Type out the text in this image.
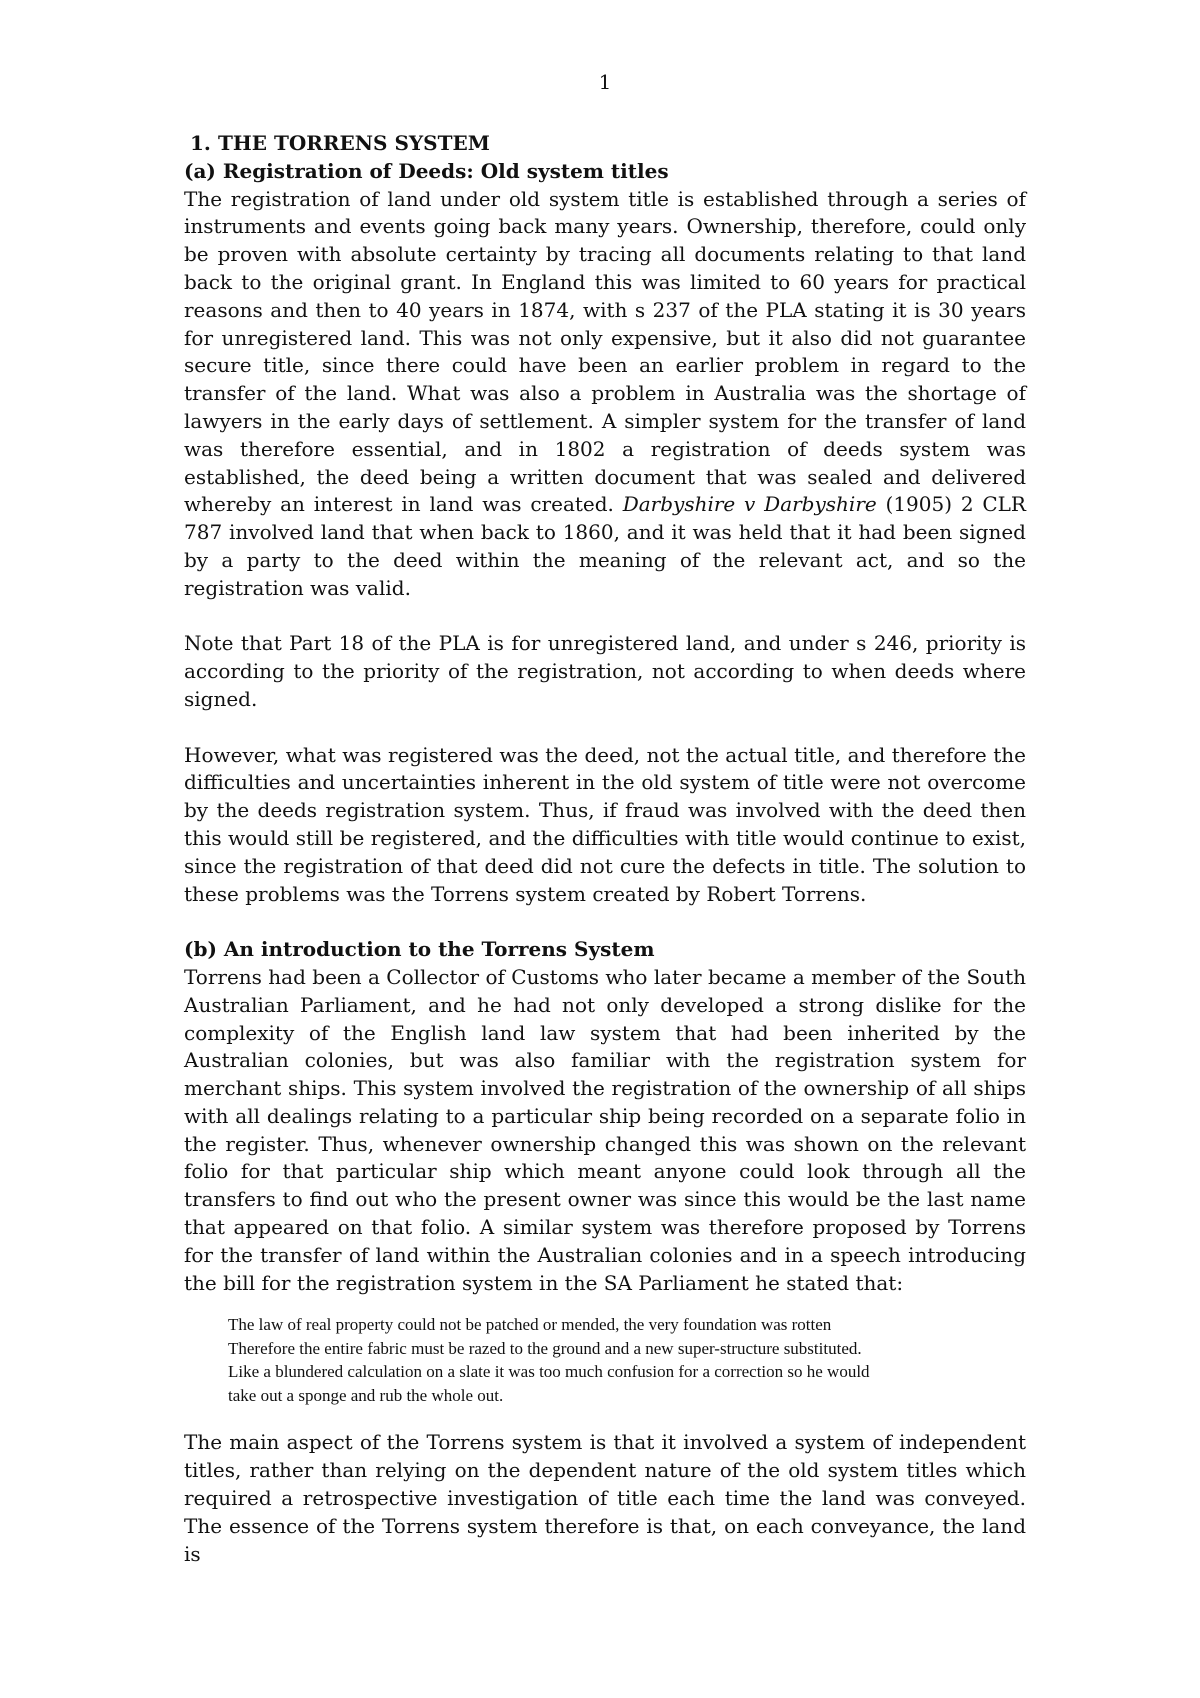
1
1. THE TORRENS SYSTEM
(a) Registration of Deeds: Old system titles

The registration of land under old system title is established through a series of instruments and events going back many years. Ownership, therefore, could only be proven with absolute certainty by tracing all documents relating to that land back to the original grant. In England this was limited to 60 years for practical reasons and then to 40 years in 1874, with s 237 of the PLA stating it is 30 years for unregistered land. This was not only expensive, but it also did not guarantee secure title, since there could have been an earlier problem in regard to the transfer of the land. What was also a problem in Australia was the shortage of lawyers in the early days of settlement. A simpler system for the transfer of land was therefore essential, and in 1802 a registration of deeds system was established, the deed being a written document that was sealed and delivered whereby an interest in land was created. Darbyshire v Darbyshire (1905) 2 CLR 787 involved land that when back to 1860, and it was held that it had been signed by a party to the deed within the meaning of the relevant act, and so the registration was valid.

Note that Part 18 of the PLA is for unregistered land, and under s 246, priority is according to the priority of the registration, not according to when deeds where signed.

However, what was registered was the deed, not the actual title, and therefore the difficulties and uncertainties inherent in the old system of title were not overcome by the deeds registration system. Thus, if fraud was involved with the deed then this would still be registered, and the difficulties with title would continue to exist, since the registration of that deed did not cure the defects in title. The solution to these problems was the Torrens system created by Robert Torrens.

(b) An introduction to the Torrens System

Torrens had been a Collector of Customs who later became a member of the South Australian Parliament, and he had not only developed a strong dislike for the complexity of the English land law system that had been inherited by the Australian colonies, but was also familiar with the registration system for merchant ships. This system involved the registration of the ownership of all ships with all dealings relating to a particular ship being recorded on a separate folio in the register. Thus, whenever ownership changed this was shown on the relevant folio for that particular ship which meant anyone could look through all the transfers to find out who the present owner was since this would be the last name that appeared on that folio. A similar system was therefore proposed by Torrens for the transfer of land within the Australian colonies and in a speech introducing the bill for the registration system in the SA Parliament he stated that:

The law of real property could not be patched or mended, the very foundation was rotten
Therefore the entire fabric must be razed to the ground and a new super-structure substituted.
Like a blundered calculation on a slate it was too much confusion for a correction so he would
take out a sponge and rub the whole out.

The main aspect of the Torrens system is that it involved a system of independent titles, rather than relying on the dependent nature of the old system titles which required a retrospective investigation of title each time the land was conveyed. The essence of the Torrens system therefore is that, on each conveyance, the land is
